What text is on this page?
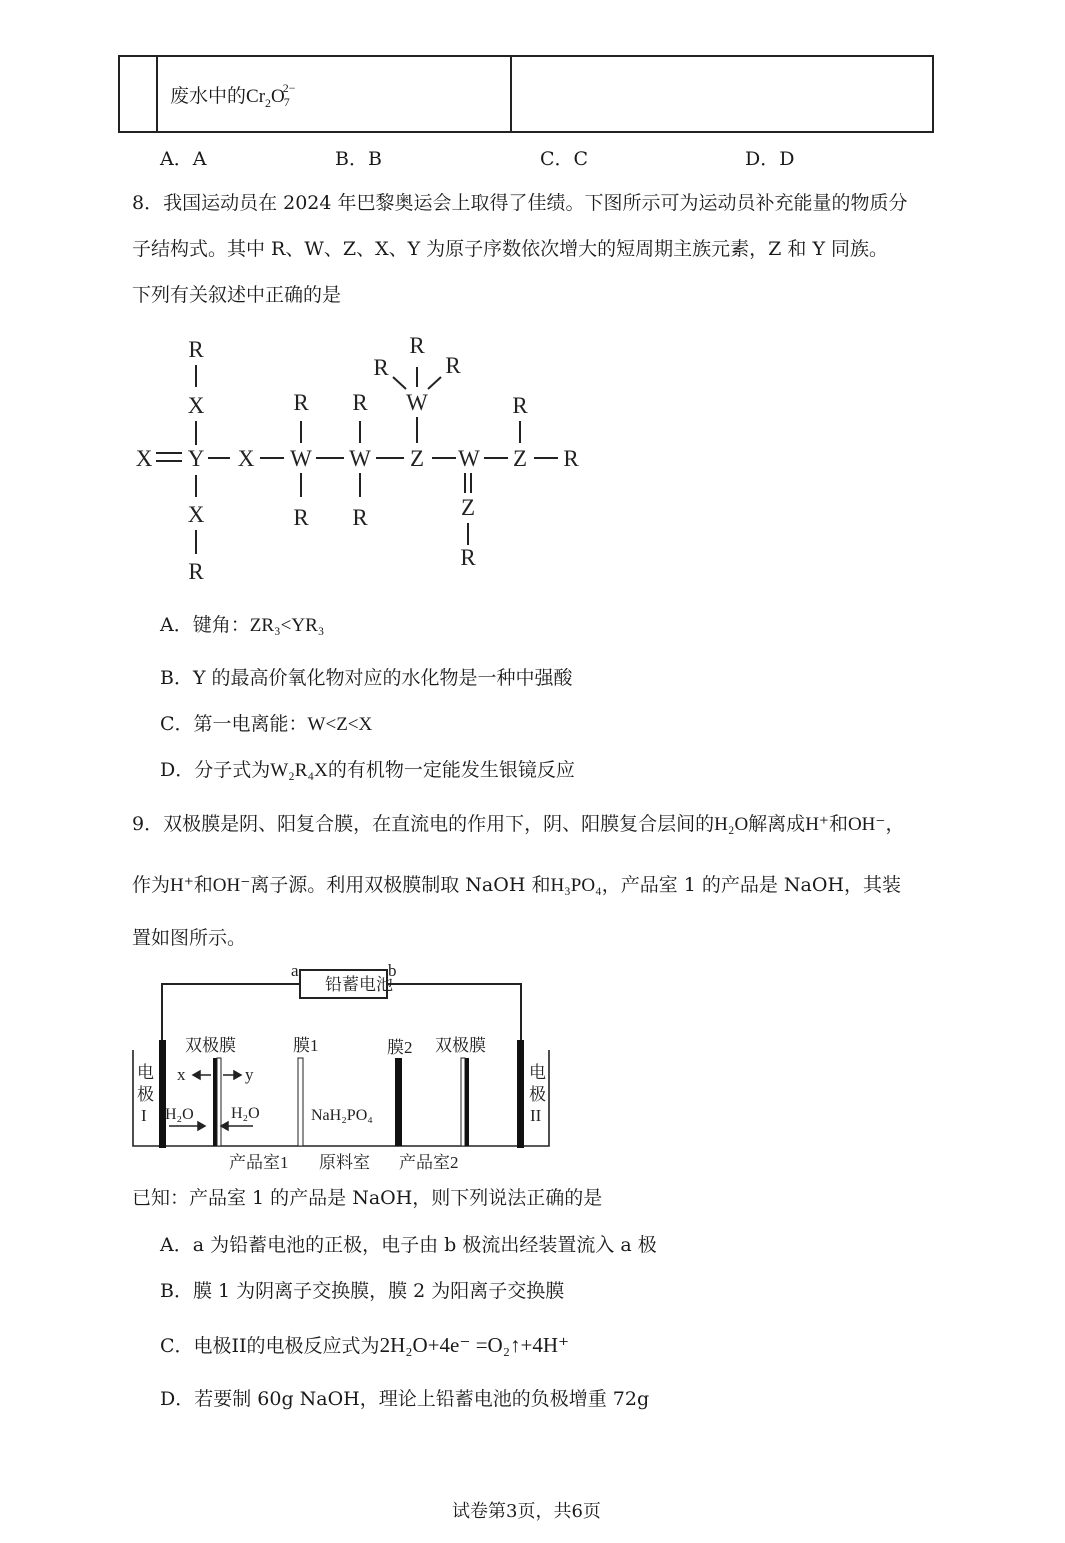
	废水中的$Cr_2O_7^{2-}$	
A．A	B．B	C．C	D．D
8．我国运动员在 2024 年巴黎奥运会上取得了佳绩。下图所示可为运动员补充能量的物质分
子结构式。其中 R、W、Z、X、Y 为原子序数依次增大的短周期主族元素，Z 和 Y 同族。
下列有关叙述中正确的是
R
X
X Y X W W Z W Z R
X
R
R
R
R
R
W
R
R R
Z
R
R
A．键角：ZR₃<YR₃
B．Y 的最高价氧化物对应的水化物是一种中强酸
C．第一电离能：W<Z<X
D．分子式为W₂R₄X的有机物一定能发生银镜反应
9．双极膜是阴、阳复合膜，在直流电的作用下，阴、阳膜复合层间的H₂O解离成H⁺和OH⁻，
作为H⁺和OH⁻离子源。利用双极膜制取 NaOH 和H₃PO₄，产品室 1 的产品是 NaOH，其装
置如图所示。
铅蓄电池
a	b
双极膜	膜1	膜2 双极膜
电
极
I
电
极
II
x	y
H₂O H₂O	NaH₂PO₄
产品室1 原料室 产品室2
已知：产品室 1 的产品是 NaOH，则下列说法正确的是
A．a 为铅蓄电池的正极，电子由 b 极流出经装置流入 a 极
B．膜 1 为阴离子交换膜，膜 2 为阳离子交换膜
C．电极II的电极反应式为2H₂O+4e⁻ =O₂↑+4H⁺
D．若要制 60g NaOH，理论上铅蓄电池的负极增重 72g
试卷第3页，共6页
